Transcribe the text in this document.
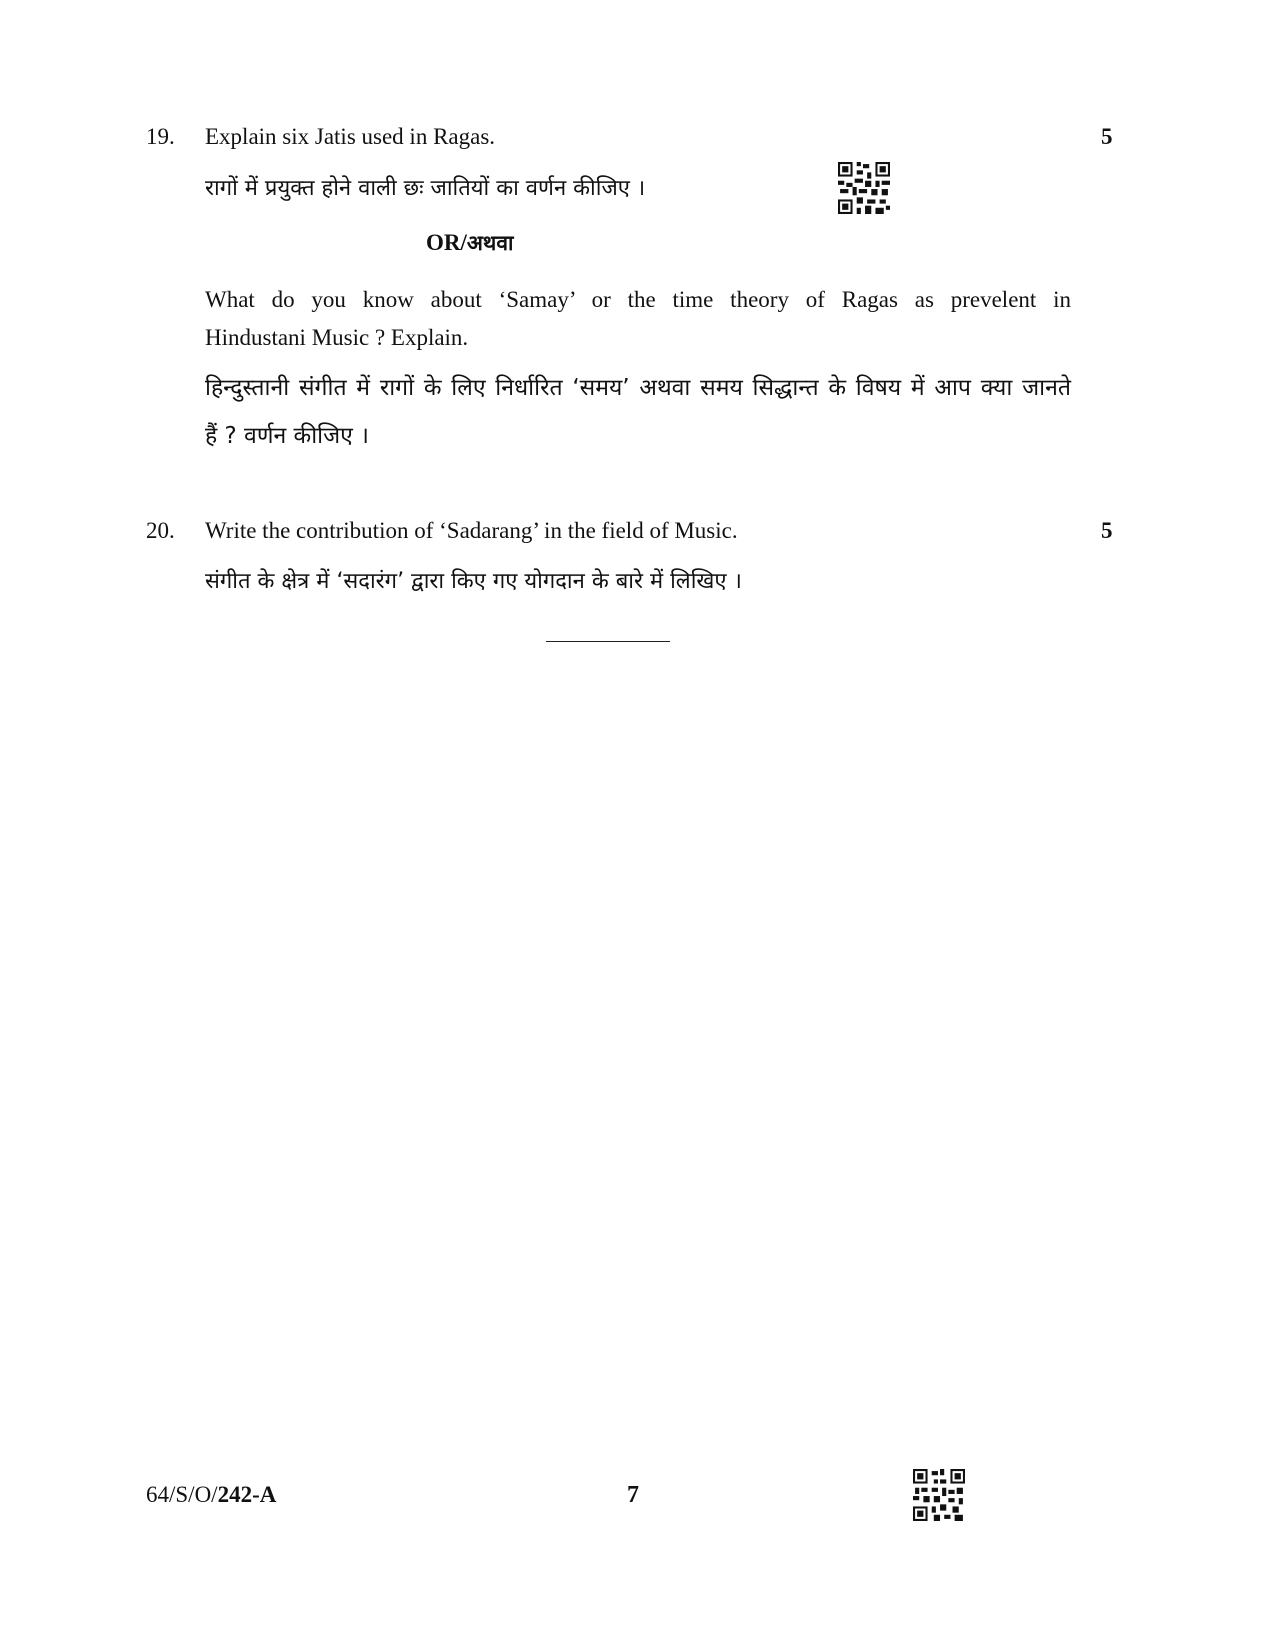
19. Explain six Jatis used in Ragas.	5
रागों में प्रयुक्त होने वाली छः जातियों का वर्णन कीजिए ।
OR/अथवा
What do you know about ‘Samay’ or the time theory of Ragas as prevelent in
Hindustani Music ? Explain.
हिन्दुस्तानी संगीत में रागों के लिए निर्धारित ‘समय’ अथवा समय सिद्धान्त के विषय में आप क्या जानते
हैं ? वर्णन कीजिए ।
20. Write the contribution of ‘Sadarang’ in the field of Music.	5
संगीत के क्षेत्र में ‘सदारंग’ द्वारा किए गए योगदान के बारे में लिखिए ।
64/S/O/242-A	7
